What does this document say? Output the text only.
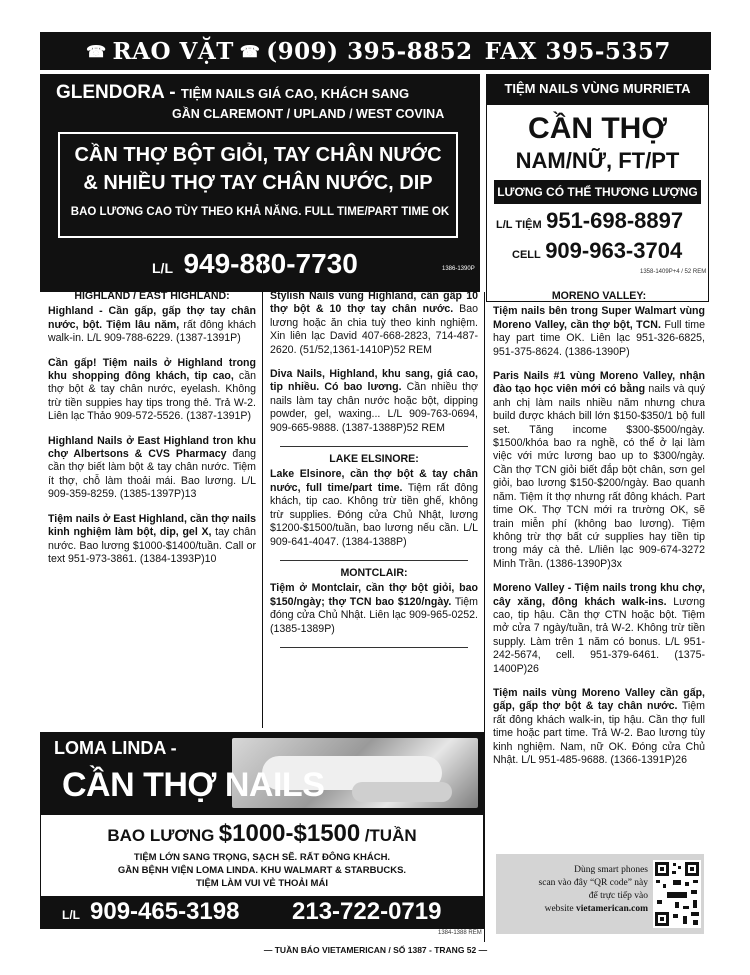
☎ RAO VẶT ☎ (909) 395-8852 FAX 395-5357
GLENDORA - TIỆM NAILS GIÁ CAO, KHÁCH SANG
GẦN CLAREMONT / UPLAND / WEST COVINA
CẦN THỢ BỘT GIỎI, TAY CHÂN NƯỚC
& NHIỀU THỢ TAY CHÂN NƯỚC, DIP
BAO LƯƠNG CAO TÙY THEO KHẢ NĂNG. FULL TIME/PART TIME OK
L/L 949-880-7730	1386-1390P
TIỆM NAILS VÙNG MURRIETA
CẦN THỢ
NAM/NỮ, FT/PT
LƯƠNG CÓ THỂ THƯƠNG LƯỢNG
L/L TIỆM 951-698-8897
CELL 909-963-3704
1358-1409P+4 / 52 REM

HIGHLAND / EAST HIGHLAND:

Highland - Cần gấp, gấp thợ tay chân nước, bột. Tiệm lâu năm, rất đông khách walk-in. L/L 909-788-6229. (1387-1391P)

Cần gấp! Tiệm nails ở Highland trong khu shopping đông khách, tip cao, cần thợ bột & tay chân nước, eyelash. Không trừ tiền suppies hay tips trong thẻ. Trả W-2. Liên lạc Thảo 909-572-5526. (1387-1391P)

Highland Nails ở East Highland tron khu chợ Albertsons & CVS Pharmacy đang cần thợ biết làm bột & tay chân nước. Tiệm ít thợ, chỗ làm thoải mái. Bao lương. L/L 909-359-8259. (1385-1397P)13

Tiệm nails ở East Highland, cần thợ nails kinh nghiệm làm bột, dip, gel X, tay chân nước. Bao lương $1000-$1400/tuần. Call or text 951-973-3861. (1384-1393P)10

Stylish Nails vùng Highland, cần gấp 10 thợ bột & 10 thợ tay chân nước. Bao lương hoặc ăn chia tuỳ theo kinh nghiệm. Xin liên lạc David 407-668-2823, 714-487-2620. (51/52,1361-1410P)52 REM

Diva Nails, Highland, khu sang, giá cao, tip nhiều. Có bao lương. Cần nhiều thợ nails làm tay chân nước hoặc bột, dipping powder, gel, waxing... L/L 909-763-0694, 909-665-9888. (1387-1388P)52 REM

LAKE ELSINORE:

Lake Elsinore, cần thợ bột & tay chân nước, full time/part time. Tiệm rất đông khách, tip cao. Không trừ tiền ghế, không trừ supplies. Đóng cửa Chủ Nhật, lương $1200-$1500/tuần, bao lương nếu cần. L/L 909-641-4047. (1384-1388P)

MONTCLAIR:

Tiệm ở Montclair, cần thợ bột giỏi, bao $150/ngày; thợ TCN bao $120/ngày. Tiệm đóng cửa Chủ Nhật. Liên lạc 909-965-0252. (1385-1389P)

MORENO VALLEY:

Tiệm nails bên trong Super Walmart vùng Moreno Valley, cần thợ bột, TCN. Full time hay part time OK. Liên lạc 951-326-6825, 951-375-8624. (1386-1390P)

Paris Nails #1 vùng Moreno Valley, nhận đào tạo học viên mới có bằng nails và quý anh chị làm nails nhiều năm nhưng chưa build được khách bill lớn $150-$350/1 bộ full set. Tăng income $300-$500/ngày. $1500/khóa bao ra nghề, có thể ở lại làm việc với mức lương bao up to $300/ngày. Cần thợ TCN giỏi biết đắp bột chân, sơn gel giỏi, bao lương $150-$200/ngày. Bao quanh năm. Tiệm ít thợ nhưng rất đông khách. Part time OK. Thợ TCN mới ra trường OK, sẽ train miễn phí (không bao lương). Tiệm không trừ thợ bất cứ supplies hay tiền tip trong máy cà thẻ. L/liên lạc 909-674-3272 Minh Trần. (1386-1390P)3x

Moreno Valley - Tiệm nails trong khu chợ, cây xăng, đông khách walk-ins. Lương cao, tip hậu. Cần thợ CTN hoặc bột. Tiệm mở cửa 7 ngày/tuần, trả W-2. Không trừ tiền supply. Làm trên 1 năm có bonus. L/L 951-242-5674, cell. 951-379-6461. (1375-1400P)26

Tiệm nails vùng Moreno Valley cần gấp, gấp, gấp thợ bột & tay chân nước. Tiệm rất đông khách walk-in, tip hậu. Cần thợ full time hoặc part time. Trả W-2. Bao lương tùy kinh nghiệm. Nam, nữ OK. Đóng cửa Chủ Nhật. L/L 951-485-9688. (1366-1391P)26

LOMA LINDA -
CẦN THỢ NAILS
BAO LƯƠNG $1000-$1500 /TUẦN
TIỆM LỚN SANG TRỌNG, SẠCH SẼ. RẤT ĐÔNG KHÁCH.
GẦN BỆNH VIỆN LOMA LINDA. KHU WALMART & STARBUCKS.
TIỆM LÀM VUI VẺ THOẢI MÁI
L/L 909-465-3198 213-722-0719
1384-1388 REM
Dùng smart phones
scan vào đây “QR code” này
để trực tiếp vào
website vietamerican.com
— TUẦN BÁO VIETAMERICAN / SỐ 1387 - TRANG 52 —
